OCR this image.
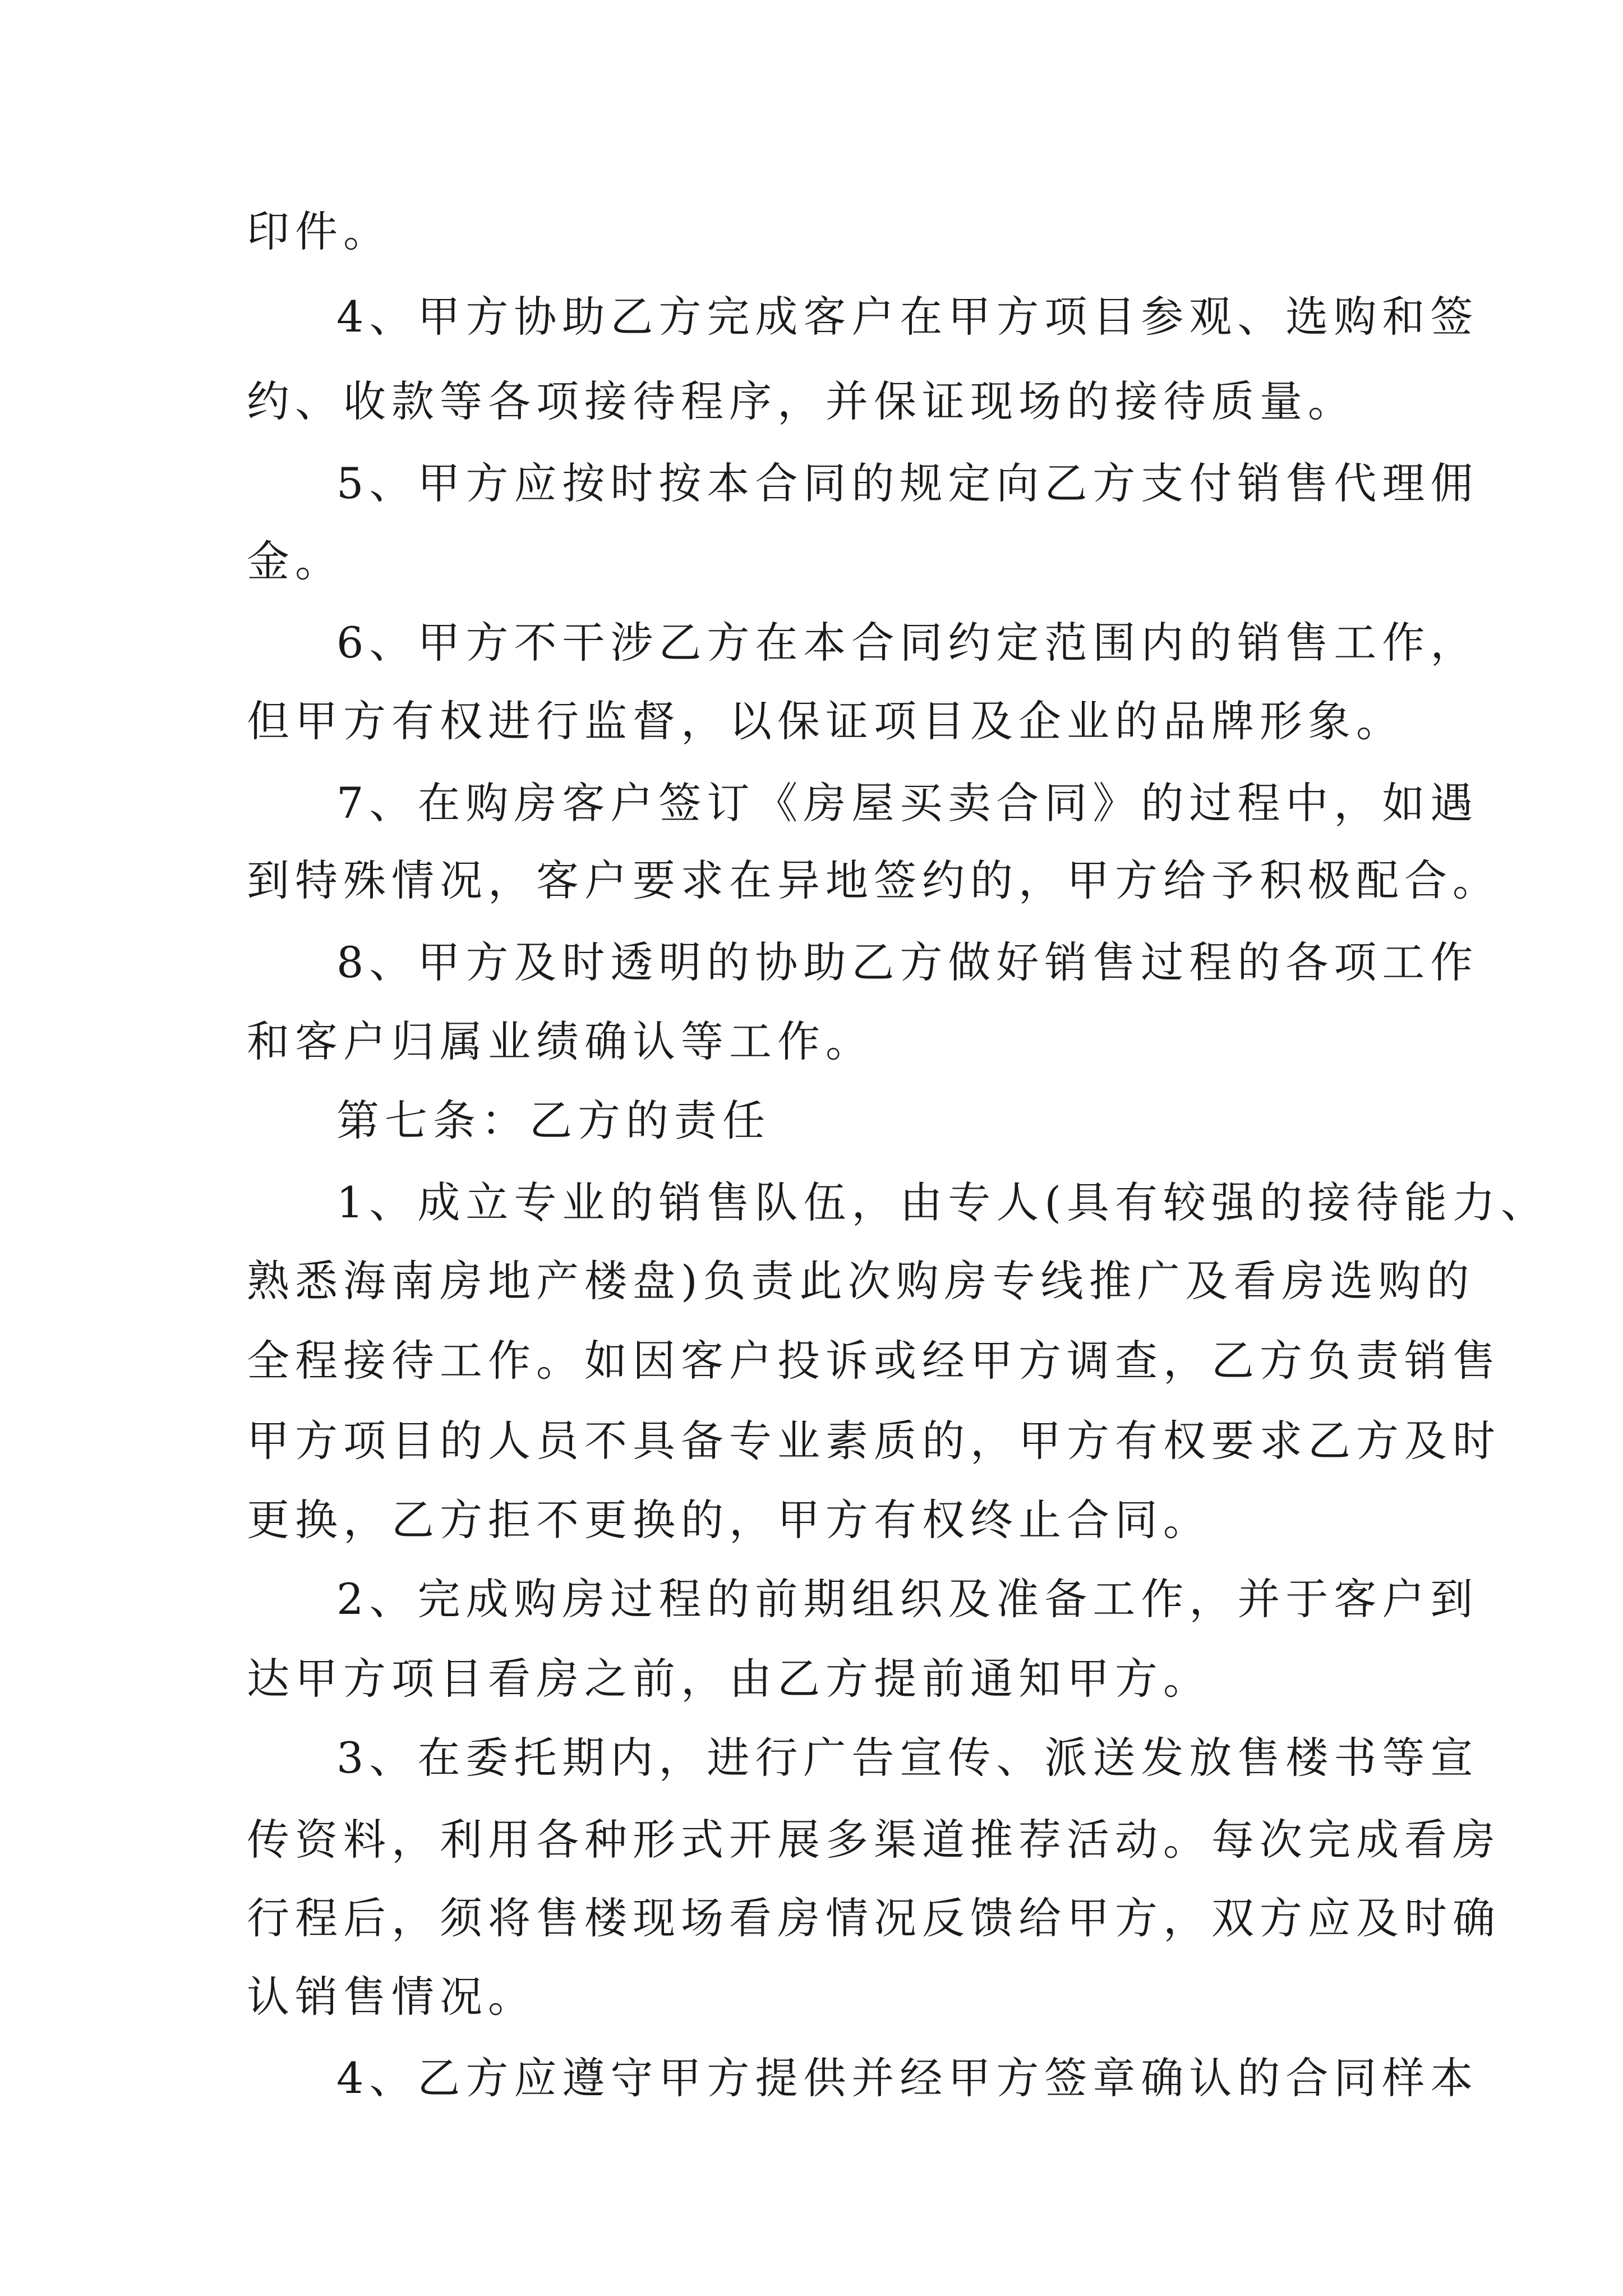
印件。
4、甲方协助乙方完成客户在甲方项目参观、选购和签
约、收款等各项接待程序，并保证现场的接待质量。
5、甲方应按时按本合同的规定向乙方支付销售代理佣
金。
6、甲方不干涉乙方在本合同约定范围内的销售工作，
但甲方有权进行监督，以保证项目及企业的品牌形象。
7、在购房客户签订《房屋买卖合同》的过程中，如遇
到特殊情况，客户要求在异地签约的，甲方给予积极配合。
8、甲方及时透明的协助乙方做好销售过程的各项工作
和客户归属业绩确认等工作。
第七条：乙方的责任
1、成立专业的销售队伍，由专人(具有较强的接待能力、
熟悉海南房地产楼盘)负责此次购房专线推广及看房选购的
全程接待工作。如因客户投诉或经甲方调查，乙方负责销售
甲方项目的人员不具备专业素质的，甲方有权要求乙方及时
更换，乙方拒不更换的，甲方有权终止合同。
2、完成购房过程的前期组织及准备工作，并于客户到
达甲方项目看房之前，由乙方提前通知甲方。
3、在委托期内，进行广告宣传、派送发放售楼书等宣
传资料，利用各种形式开展多渠道推荐活动。每次完成看房
行程后，须将售楼现场看房情况反馈给甲方，双方应及时确
认销售情况。
4、乙方应遵守甲方提供并经甲方签章确认的合同样本
